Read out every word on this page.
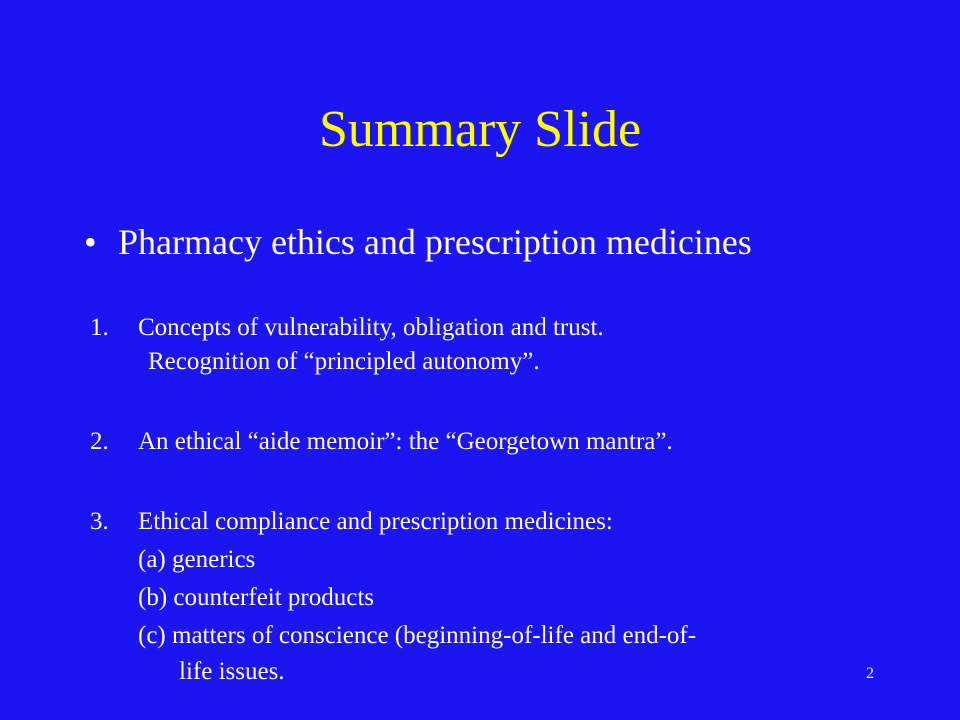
Summary Slide
• Pharmacy ethics and prescription medicines
1. Concepts of vulnerability, obligation and trust.
Recognition of “principled autonomy”.
2. An ethical “aide memoir”: the “Georgetown mantra”.
3. Ethical compliance and prescription medicines:
(a) generics
(b) counterfeit products
(c) matters of conscience (beginning-of-life and end-of-
life issues.	2
